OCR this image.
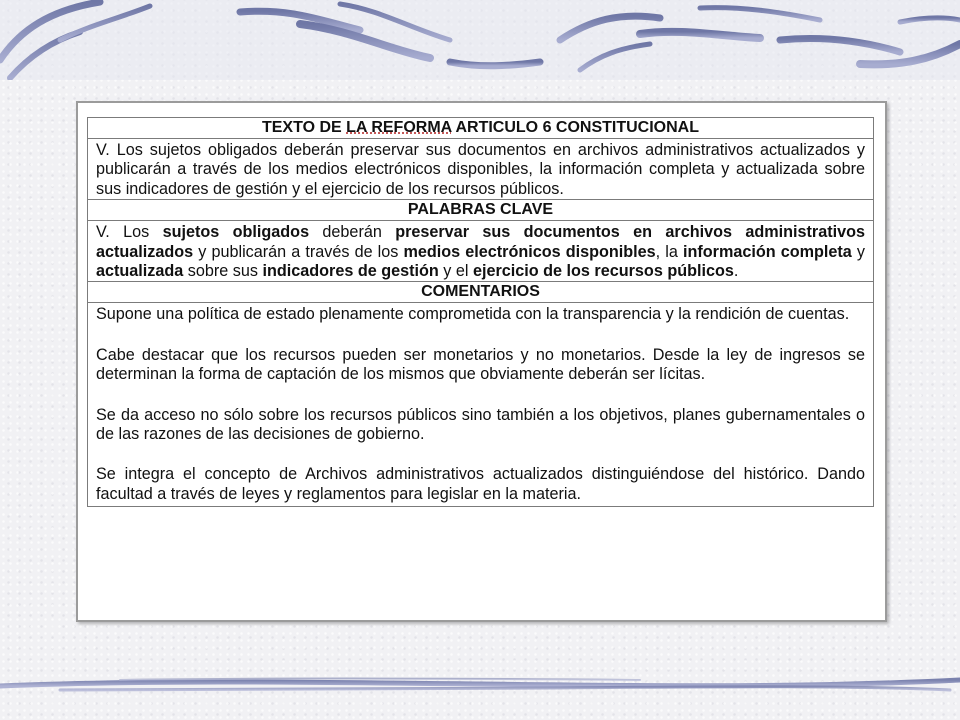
TEXTO DE LA REFORMA ARTICULO 6 CONSTITUCIONAL

V. Los sujetos obligados deberán preservar sus documentos en archivos administrativos actualizados y publicarán a través de los medios electrónicos disponibles, la información completa y actualizada sobre sus indicadores de gestión y el ejercicio de los recursos públicos.

PALABRAS CLAVE

V. Los sujetos obligados deberán preservar sus documentos en archivos administrativos actualizados y publicarán a través de los medios electrónicos disponibles, la información completa y actualizada sobre sus indicadores de gestión y el ejercicio de los recursos públicos.

COMENTARIOS

Supone una política de estado plenamente comprometida con la transparencia y la rendición de cuentas.

Cabe destacar que los recursos pueden ser monetarios y no monetarios. Desde la ley de ingresos se determinan la forma de captación de los mismos que obviamente deberán ser lícitas.

Se da acceso no sólo sobre los recursos públicos sino también a los objetivos, planes gubernamentales o de las razones de las decisiones de gobierno.

Se integra el concepto de Archivos administrativos actualizados distinguiéndose del histórico. Dando facultad a través de leyes y reglamentos para legislar en la materia.
